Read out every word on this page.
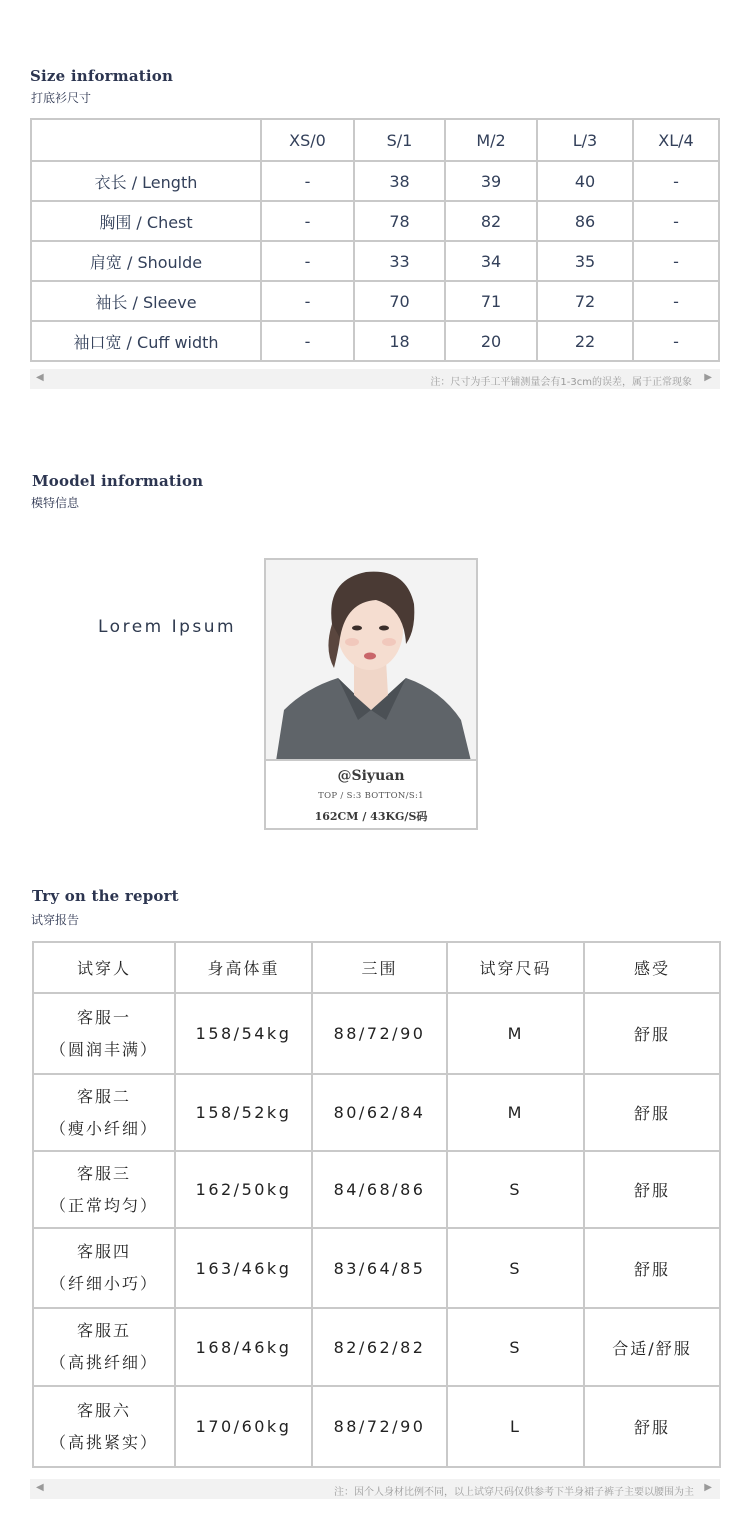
Size information
打底衫尺寸
	XS/0	S/1	M/2	L/3	XL/4
衣长 / Length	-	38	39	40	-
胸围 / Chest	-	78	82	86	-
肩宽 / Shoulde	-	33	34	35	-
袖长 / Sleeve	-	70	71	72	-
袖口宽 / Cuff width	-	18	20	22	-
◀	注：尺寸为手工平铺测量会有1-3cm的误差，属于正常现象 ▶
Moodel information
模特信息
Lorem Ipsum
@Siyuan
TOP / S:3 BOTTON/S:1
162CM / 43KG/S码
Try on the report
试穿报告
试穿人	身高体重	三围	试穿尺码	感受

客服一
（圆润丰满）	158/54kg	88/72/90	M	舒服

客服二
（瘦小纤细）	158/52kg	80/62/84	M	舒服

客服三
（正常均匀）	162/50kg	84/68/86	S	舒服

客服四
（纤细小巧）	163/46kg	83/64/85	S	舒服

客服五
（高挑纤细）	168/46kg	82/62/82	S	合适/舒服

客服六
（高挑紧实）	170/60kg	88/72/90	L	舒服
◀	注：因个人身材比例不同，以上试穿尺码仅供参考下半身裙子裤子主要以腰围为主 ▶
